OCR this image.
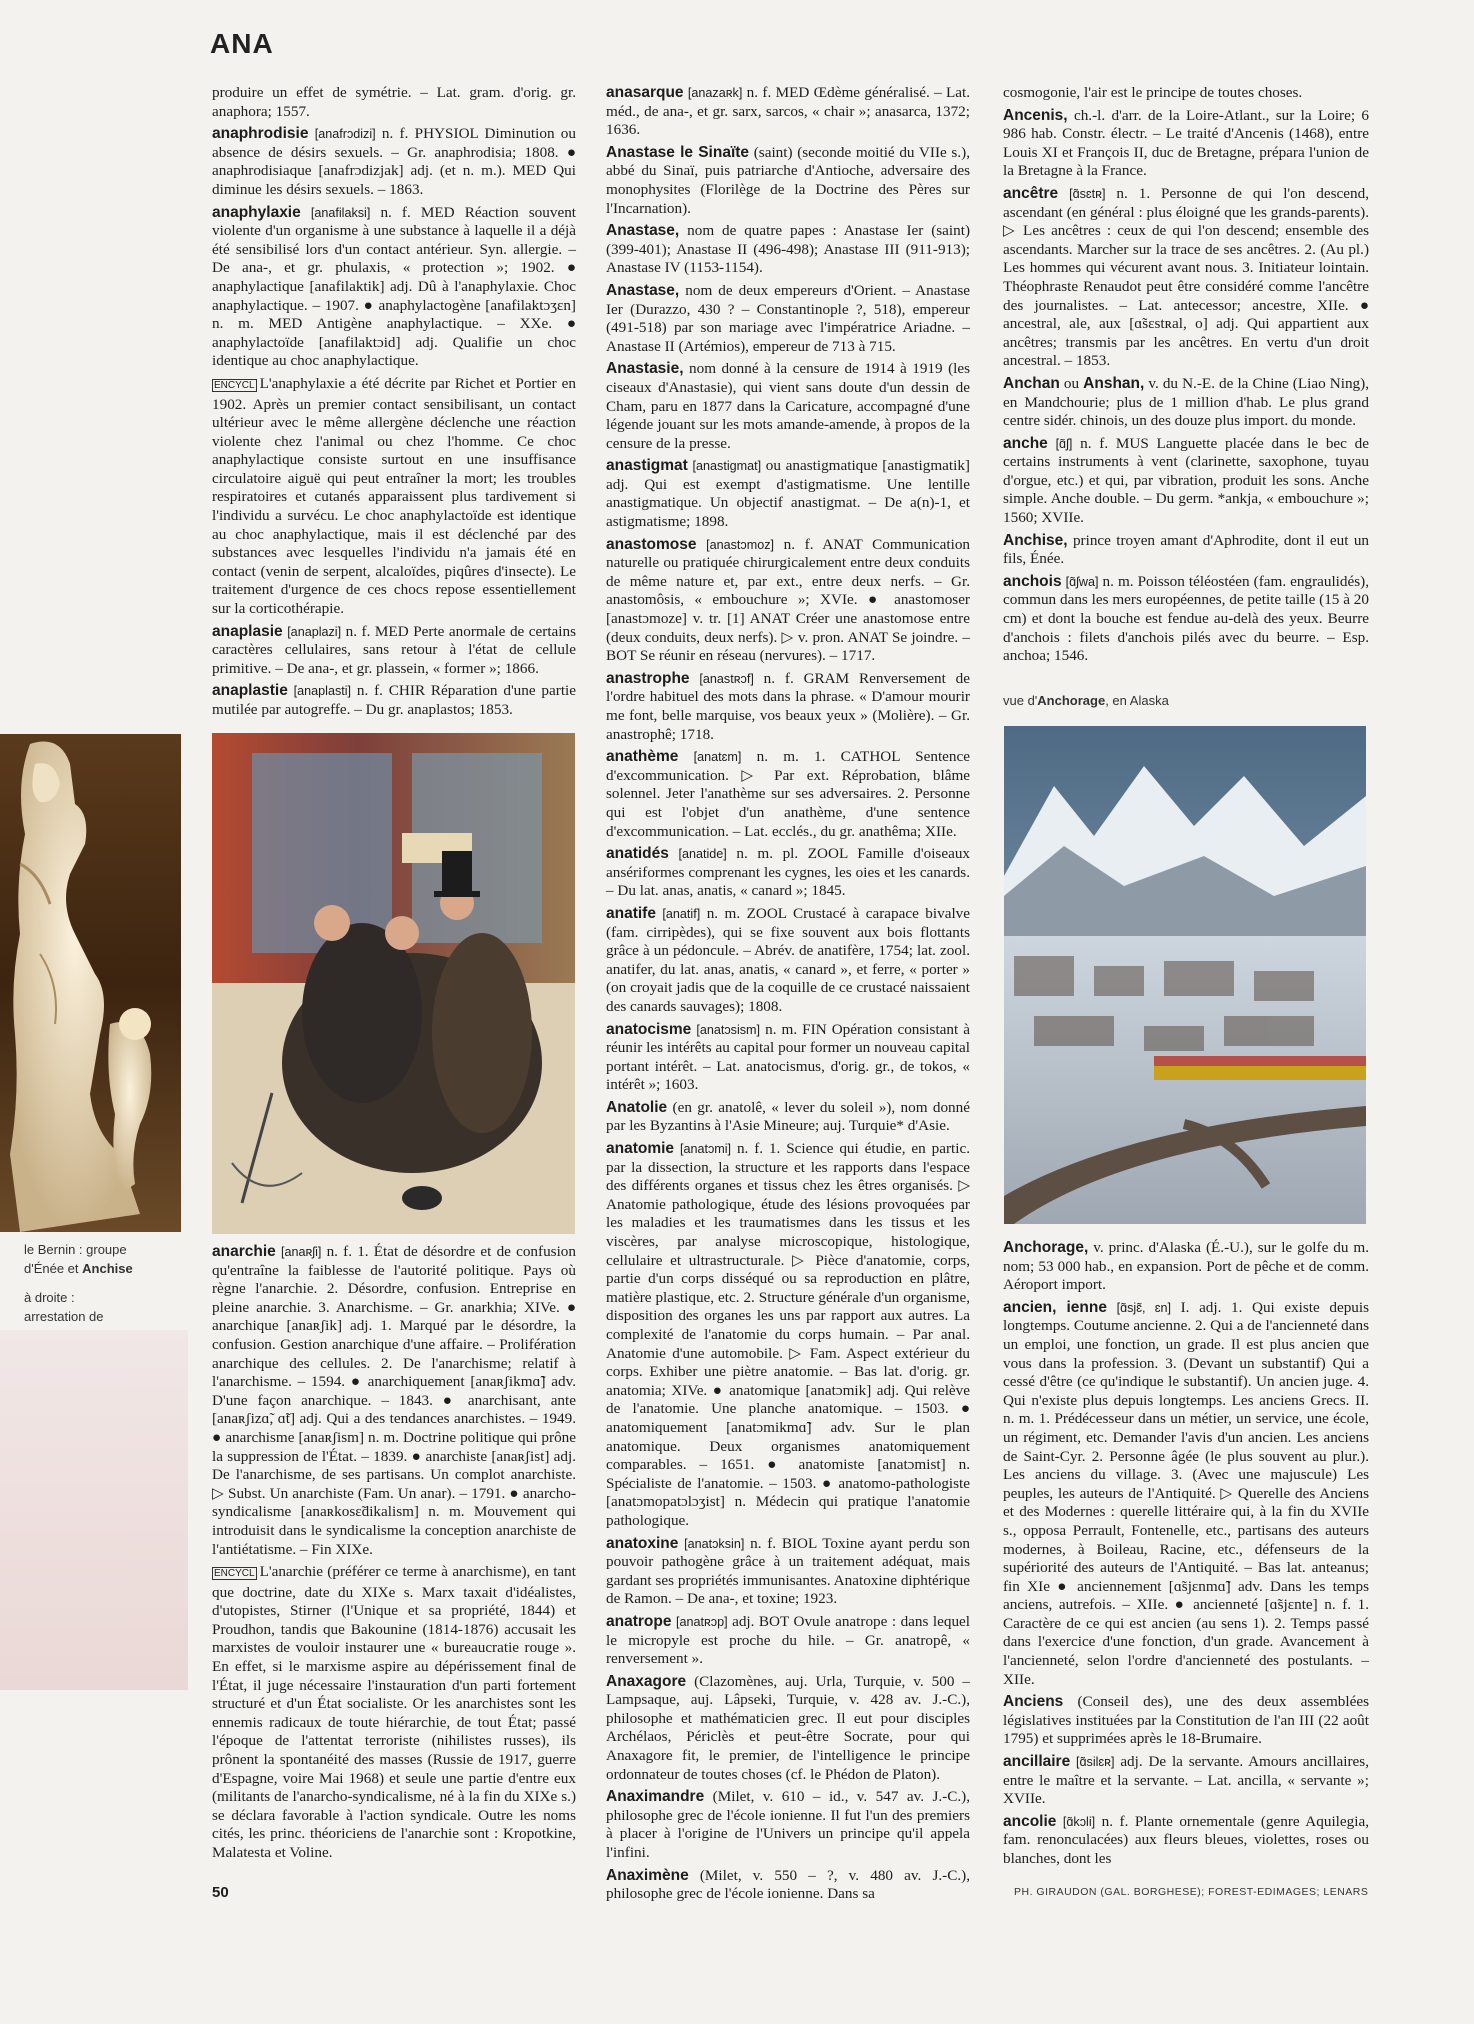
ANA

produire un effet de symétrie. – Lat. gram. d'orig. gr. anaphora; 1557.

anaphrodisie [anafrɔdizi] n. f. PHYSIOL Diminution ou absence de désirs sexuels. – Gr. anaphrodisia; 1808. ● anaphrodisiaque [anafrɔdizjak] adj. (et n. m.). MED Qui diminue les désirs sexuels. – 1863.

anaphylaxie [anafilaksi] n. f. MED Réaction souvent violente d'un organisme à une substance à laquelle il a déjà été sensibilisé lors d'un contact antérieur. Syn. allergie. – De ana-, et gr. phulaxis, « protection »; 1902. ● anaphylactique [anafilaktik] adj. Dû à l'anaphylaxie. Choc anaphylactique. – 1907. ● anaphylactogène [anafilaktɔʒɛn] n. m. MED Antigène anaphylactique. – XXe. ● anaphylactoïde [anafilaktɔid] adj. Qualifie un choc identique au choc anaphylactique.

ENCYCL L'anaphylaxie a été décrite par Richet et Portier en 1902. Après un premier contact sensibilisant, un contact ultérieur avec le même allergène déclenche une réaction violente chez l'animal ou chez l'homme. Ce choc anaphylactique consiste surtout en une insuffisance circulatoire aiguë qui peut entraîner la mort; les troubles respiratoires et cutanés apparaissent plus tardivement si l'individu a survécu. Le choc anaphylactoïde est identique au choc anaphylactique, mais il est déclenché par des substances avec lesquelles l'individu n'a jamais été en contact (venin de serpent, alcaloïdes, piqûres d'insecte). Le traitement d'urgence de ces chocs repose essentiellement sur la corticothérapie.

anaplasie [anaplazi] n. f. MED Perte anormale de certains caractères cellulaires, sans retour à l'état de cellule primitive. – De ana-, et gr. plassein, « former »; 1866.

anaplastie [anaplasti] n. f. CHIR Réparation d'une partie mutilée par autogreffe. – Du gr. anaplastos; 1853.

le Bernin : groupe
d'Énée et Anchise
à droite :
arrestation de

anarchie [anaʀʃi] n. f. 1. État de désordre et de confusion qu'entraîne la faiblesse de l'autorité politique. Pays où règne l'anarchie. 2. Désordre, confusion. Entreprise en pleine anarchie. 3. Anarchisme. – Gr. anarkhia; XIVe. ● anarchique [anaʀʃik] adj. 1. Marqué par le désordre, la confusion. Gestion anarchique d'une affaire. – Prolifération anarchique des cellules. 2. De l'anarchisme; relatif à l'anarchisme. – 1594. ● anarchiquement [anaʀʃikmɑ̃] adv. D'une façon anarchique. – 1843. ● anarchisant, ante [anaʀʃizɑ̃, ɑ̃t] adj. Qui a des tendances anarchistes. – 1949. ● anarchisme [anaʀʃism] n. m. Doctrine politique qui prône la suppression de l'État. – 1839. ● anarchiste [anaʀʃist] adj. De l'anarchisme, de ses partisans. Un complot anarchiste. ▷ Subst. Un anarchiste (Fam. Un anar). – 1791. ● anarcho-syndicalisme [anaʀkosɛ̃dikalism] n. m. Mouvement qui introduisit dans le syndicalisme la conception anarchiste de l'antiétatisme. – Fin XIXe.

ENCYCL L'anarchie (préférer ce terme à anarchisme), en tant que doctrine, date du XIXe s. Marx taxait d'idéalistes, d'utopistes, Stirner (l'Unique et sa propriété, 1844) et Proudhon, tandis que Bakounine (1814-1876) accusait les marxistes de vouloir instaurer une « bureaucratie rouge ». En effet, si le marxisme aspire au dépérissement final de l'État, il juge nécessaire l'instauration d'un parti fortement structuré et d'un État socialiste. Or les anarchistes sont les ennemis radicaux de toute hiérarchie, de tout État; passé l'époque de l'attentat terroriste (nihilistes russes), ils prônent la spontanéité des masses (Russie de 1917, guerre d'Espagne, voire Mai 1968) et seule une partie d'entre eux (militants de l'anarcho-syndicalisme, né à la fin du XIXe s.) se déclara favorable à l'action syndicale. Outre les noms cités, les princ. théoriciens de l'anarchie sont : Kropotkine, Malatesta et Voline.

anasarque [anazaʀk] n. f. MED Œdème généralisé. – Lat. méd., de ana-, et gr. sarx, sarcos, « chair »; anasarca, 1372; 1636.

Anastase le Sinaïte (saint) (seconde moitié du VIIe s.), abbé du Sinaï, puis patriarche d'Antioche, adversaire des monophysites (Florilège de la Doctrine des Pères sur l'Incarnation).

Anastase, nom de quatre papes : Anastase Ier (saint) (399-401); Anastase II (496-498); Anastase III (911-913); Anastase IV (1153-1154).

Anastase, nom de deux empereurs d'Orient. – Anastase Ier (Durazzo, 430 ? – Constantinople ?, 518), empereur (491-518) par son mariage avec l'impératrice Ariadne. – Anastase II (Artémios), empereur de 713 à 715.

Anastasie, nom donné à la censure de 1914 à 1919 (les ciseaux d'Anastasie), qui vient sans doute d'un dessin de Cham, paru en 1877 dans la Caricature, accompagné d'une légende jouant sur les mots amande-amende, à propos de la censure de la presse.

anastigmat [anastigmat] ou anastigmatique [anastigmatik] adj. Qui est exempt d'astigmatisme. Une lentille anastigmatique. Un objectif anastigmat. – De a(n)-1, et astigmatisme; 1898.

anastomose [anastɔmoz] n. f. ANAT Communication naturelle ou pratiquée chirurgicalement entre deux conduits de même nature et, par ext., entre deux nerfs. – Gr. anastomôsis, « embouchure »; XVIe. ● anastomoser [anastɔmoze] v. tr. [1] ANAT Créer une anastomose entre (deux conduits, deux nerfs). ▷ v. pron. ANAT Se joindre. – BOT Se réunir en réseau (nervures). – 1717.

anastrophe [anastʀɔf] n. f. GRAM Renversement de l'ordre habituel des mots dans la phrase. « D'amour mourir me font, belle marquise, vos beaux yeux » (Molière). – Gr. anastrophê; 1718.

anathème [anatɛm] n. m. 1. CATHOL Sentence d'excommunication. ▷ Par ext. Réprobation, blâme solennel. Jeter l'anathème sur ses adversaires. 2. Personne qui est l'objet d'un anathème, d'une sentence d'excommunication. – Lat. ecclés., du gr. anathêma; XIIe.

anatidés [anatide] n. m. pl. ZOOL Famille d'oiseaux ansériformes comprenant les cygnes, les oies et les canards. – Du lat. anas, anatis, « canard »; 1845.

anatife [anatif] n. m. ZOOL Crustacé à carapace bivalve (fam. cirripèdes), qui se fixe souvent aux bois flottants grâce à un pédoncule. – Abrév. de anatifère, 1754; lat. zool. anatifer, du lat. anas, anatis, « canard », et ferre, « porter » (on croyait jadis que de la coquille de ce crustacé naissaient des canards sauvages); 1808.

anatocisme [anatɔsism] n. m. FIN Opération consistant à réunir les intérêts au capital pour former un nouveau capital portant intérêt. – Lat. anatocismus, d'orig. gr., de tokos, « intérêt »; 1603.

Anatolie (en gr. anatolê, « lever du soleil »), nom donné par les Byzantins à l'Asie Mineure; auj. Turquie* d'Asie.

anatomie [anatɔmi] n. f. 1. Science qui étudie, en partic. par la dissection, la structure et les rapports dans l'espace des différents organes et tissus chez les êtres organisés. ▷ Anatomie pathologique, étude des lésions provoquées par les maladies et les traumatismes dans les tissus et les viscères, par analyse microscopique, histologique, cellulaire et ultrastructurale. ▷ Pièce d'anatomie, corps, partie d'un corps disséqué ou sa reproduction en plâtre, matière plastique, etc. 2. Structure générale d'un organisme, disposition des organes les uns par rapport aux autres. La complexité de l'anatomie du corps humain. – Par anal. Anatomie d'une automobile. ▷ Fam. Aspect extérieur du corps. Exhiber une piètre anatomie. – Bas lat. d'orig. gr. anatomia; XIVe. ● anatomique [anatɔmik] adj. Qui relève de l'anatomie. Une planche anatomique. – 1503. ● anatomiquement [anatɔmikmɑ̃] adv. Sur le plan anatomique. Deux organismes anatomiquement comparables. – 1651. ● anatomiste [anatɔmist] n. Spécialiste de l'anatomie. – 1503. ● anatomo-pathologiste [anatɔmopatɔlɔʒist] n. Médecin qui pratique l'anatomie pathologique.

anatoxine [anatɔksin] n. f. BIOL Toxine ayant perdu son pouvoir pathogène grâce à un traitement adéquat, mais gardant ses propriétés immunisantes. Anatoxine diphtérique de Ramon. – De ana-, et toxine; 1923.

anatrope [anatʀɔp] adj. BOT Ovule anatrope : dans lequel le micropyle est proche du hile. – Gr. anatropê, « renversement ».

Anaxagore (Clazomènes, auj. Urla, Turquie, v. 500 – Lampsaque, auj. Lâpseki, Turquie, v. 428 av. J.-C.), philosophe et mathématicien grec. Il eut pour disciples Archélaos, Périclès et peut-être Socrate, pour qui Anaxagore fit, le premier, de l'intelligence le principe ordonnateur de toutes choses (cf. le Phédon de Platon).

Anaximandre (Milet, v. 610 – id., v. 547 av. J.-C.), philosophe grec de l'école ionienne. Il fut l'un des premiers à placer à l'origine de l'Univers un principe qu'il appela l'infini.

Anaximène (Milet, v. 550 – ?, v. 480 av. J.-C.), philosophe grec de l'école ionienne. Dans sa

cosmogonie, l'air est le principe de toutes choses.

Ancenis, ch.-l. d'arr. de la Loire-Atlant., sur la Loire; 6 986 hab. Constr. électr. – Le traité d'Ancenis (1468), entre Louis XI et François II, duc de Bretagne, prépara l'union de la Bretagne à la France.

ancêtre [ɑ̃sɛtʀ] n. 1. Personne de qui l'on descend, ascendant (en général : plus éloigné que les grands-parents). ▷ Les ancêtres : ceux de qui l'on descend; ensemble des ascendants. Marcher sur la trace de ses ancêtres. 2. (Au pl.) Les hommes qui vécurent avant nous. 3. Initiateur lointain. Théophraste Renaudot peut être considéré comme l'ancêtre des journalistes. – Lat. antecessor; ancestre, XIIe. ● ancestral, ale, aux [ɑ̃sɛstʀal, o] adj. Qui appartient aux ancêtres; transmis par les ancêtres. En vertu d'un droit ancestral. – 1853.

Anchan ou Anshan, v. du N.-E. de la Chine (Liao Ning), en Mandchourie; plus de 1 million d'hab. Le plus grand centre sidér. chinois, un des douze plus import. du monde.

anche [ɑ̃ʃ] n. f. MUS Languette placée dans le bec de certains instruments à vent (clarinette, saxophone, tuyau d'orgue, etc.) et qui, par vibration, produit les sons. Anche simple. Anche double. – Du germ. *ankja, « embouchure »; 1560; XVIIe.

Anchise, prince troyen amant d'Aphrodite, dont il eut un fils, Énée.

anchois [ɑ̃ʃwa] n. m. Poisson téléostéen (fam. engraulidés), commun dans les mers européennes, de petite taille (15 à 20 cm) et dont la bouche est fendue au-delà des yeux. Beurre d'anchois : filets d'anchois pilés avec du beurre. – Esp. anchoa; 1546.

vue d'Anchorage, en Alaska

Anchorage, v. princ. d'Alaska (É.-U.), sur le golfe du m. nom; 53 000 hab., en expansion. Port de pêche et de comm. Aéroport import.

ancien, ienne [ɑ̃sjɛ̃, ɛn] I. adj. 1. Qui existe depuis longtemps. Coutume ancienne. 2. Qui a de l'ancienneté dans un emploi, une fonction, un grade. Il est plus ancien que vous dans la profession. 3. (Devant un substantif) Qui a cessé d'être (ce qu'indique le substantif). Un ancien juge. 4. Qui n'existe plus depuis longtemps. Les anciens Grecs. II. n. m. 1. Prédécesseur dans un métier, un service, une école, un régiment, etc. Demander l'avis d'un ancien. Les anciens de Saint-Cyr. 2. Personne âgée (le plus souvent au plur.). Les anciens du village. 3. (Avec une majuscule) Les peuples, les auteurs de l'Antiquité. ▷ Querelle des Anciens et des Modernes : querelle littéraire qui, à la fin du XVIIe s., opposa Perrault, Fontenelle, etc., partisans des auteurs modernes, à Boileau, Racine, etc., défenseurs de la supériorité des auteurs de l'Antiquité. – Bas lat. anteanus; fin XIe ● anciennement [ɑ̃sjɛnmɑ̃] adv. Dans les temps anciens, autrefois. – XIIe. ● ancienneté [ɑ̃sjɛnte] n. f. 1. Caractère de ce qui est ancien (au sens 1). 2. Temps passé dans l'exercice d'une fonction, d'un grade. Avancement à l'ancienneté, selon l'ordre d'ancienneté des postulants. – XIIe.

Anciens (Conseil des), une des deux assemblées législatives instituées par la Constitution de l'an III (22 août 1795) et supprimées après le 18-Brumaire.

ancillaire [ɑ̃silɛʀ] adj. De la servante. Amours ancillaires, entre le maître et la servante. – Lat. ancilla, « servante »; XVIIe.

ancolie [ɑ̃kɔli] n. f. Plante ornementale (genre Aquilegia, fam. renonculacées) aux fleurs bleues, violettes, roses ou blanches, dont les

50	PH. GIRAUDON (GAL. BORGHESE); FOREST-EDIMAGES; LENARS
